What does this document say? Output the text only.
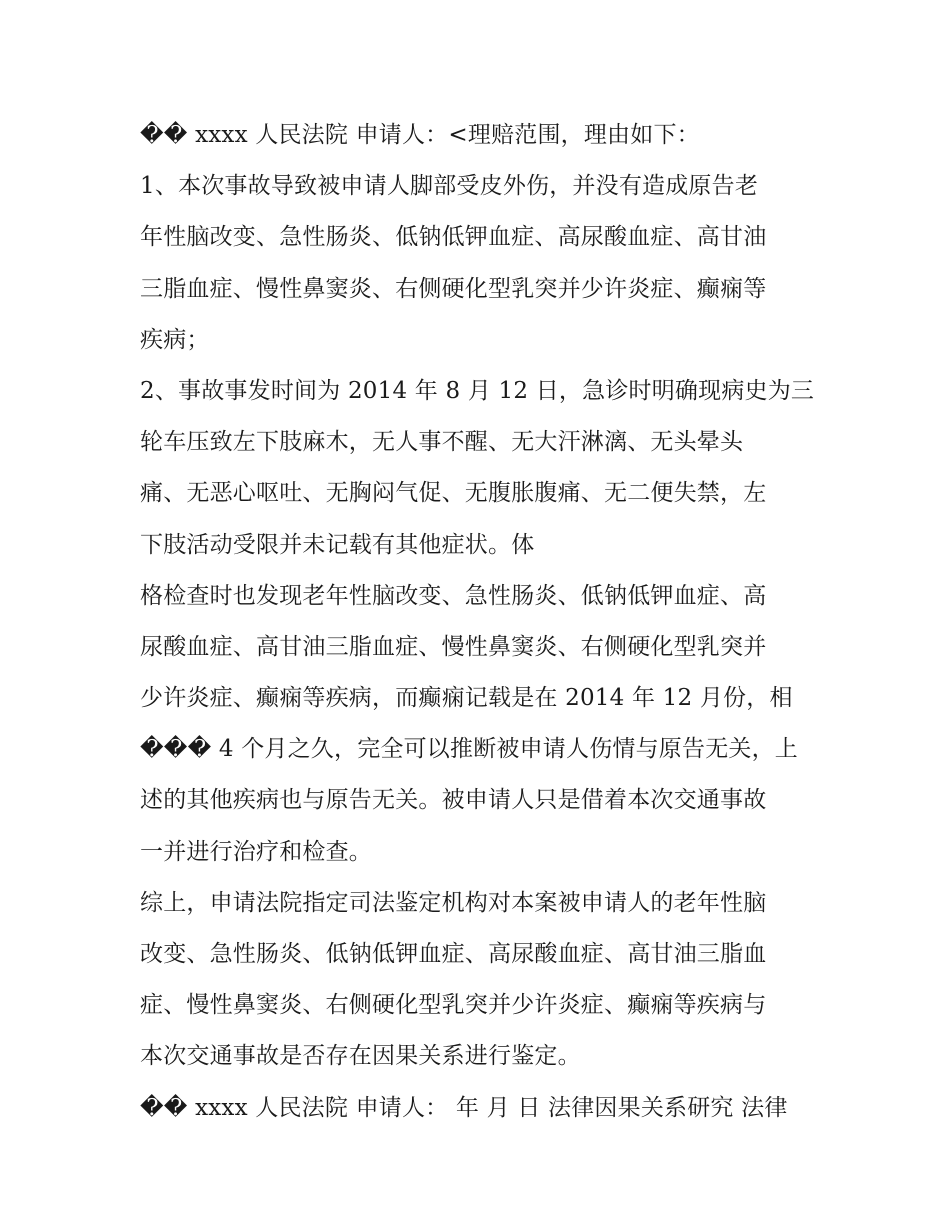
�� xxxx 人民法院 申请人：<理赔范围，理由如下：
1、本次事故导致被申请人脚部受皮外伤，并没有造成原告老
年性脑改变、急性肠炎、低钠低钾血症、高尿酸血症、高甘油
三脂血症、慢性鼻窦炎、右侧硬化型乳突并少许炎症、癫痫等
疾病；
2、事故事发时间为 2014 年 8 月 12 日，急诊时明确现病史为三
轮车压致左下肢麻木，无人事不醒、无大汗淋漓、无头晕头
痛、无恶心呕吐、无胸闷气促、无腹胀腹痛、无二便失禁，左
下肢活动受限并未记载有其他症状。体
格检查时也发现老年性脑改变、急性肠炎、低钠低钾血症、高
尿酸血症、高甘油三脂血症、慢性鼻窦炎、右侧硬化型乳突并
少许炎症、癫痫等疾病，而癫痫记载是在 2014 年 12 月份，相
��� 4 个月之久，完全可以推断被申请人伤情与原告无关，上
述的其他疾病也与原告无关。被申请人只是借着本次交通事故
一并进行治疗和检查。
综上，申请法院指定司法鉴定机构对本案被申请人的老年性脑
改变、急性肠炎、低钠低钾血症、高尿酸血症、高甘油三脂血
症、慢性鼻窦炎、右侧硬化型乳突并少许炎症、癫痫等疾病与
本次交通事故是否存在因果关系进行鉴定。
�� xxxx 人民法院 申请人： 年 月 日 法律因果关系研究 法律
